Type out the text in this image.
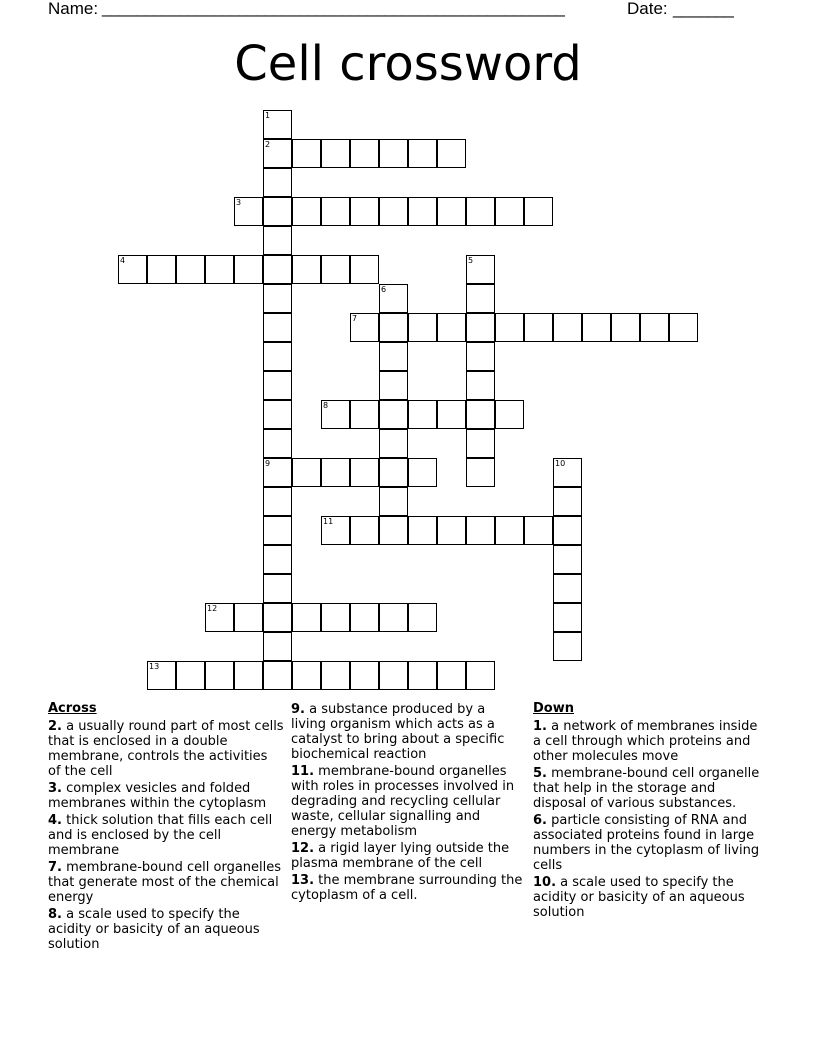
Name: ______________________________________________________	Date: _______
Cell crossword
1
2
9
3
4	5
6
7
8
10
11
12
13
Across
2. a usually round part of most cells that is enclosed in a double membrane, controls the activities of the cell
3. complex vesicles and folded membranes within the cytoplasm
4. thick solution that fills each cell and is enclosed by the cell membrane
7. membrane-bound cell organelles that generate most of the chemical energy
8. a scale used to specify the acidity or basicity of an aqueous solution
9. a substance produced by a living organism which acts as a catalyst to bring about a specific biochemical reaction
11. membrane-bound organelles with roles in processes involved in degrading and recycling cellular waste, cellular signalling and energy metabolism
12. a rigid layer lying outside the plasma membrane of the cell
13. the membrane surrounding the cytoplasm of a cell.
Down
1. a network of membranes inside a cell through which proteins and other molecules move
5. membrane-bound cell organelle that help in the storage and disposal of various substances.
6. particle consisting of RNA and associated proteins found in large numbers in the cytoplasm of living cells
10. a scale used to specify the acidity or basicity of an aqueous solution
